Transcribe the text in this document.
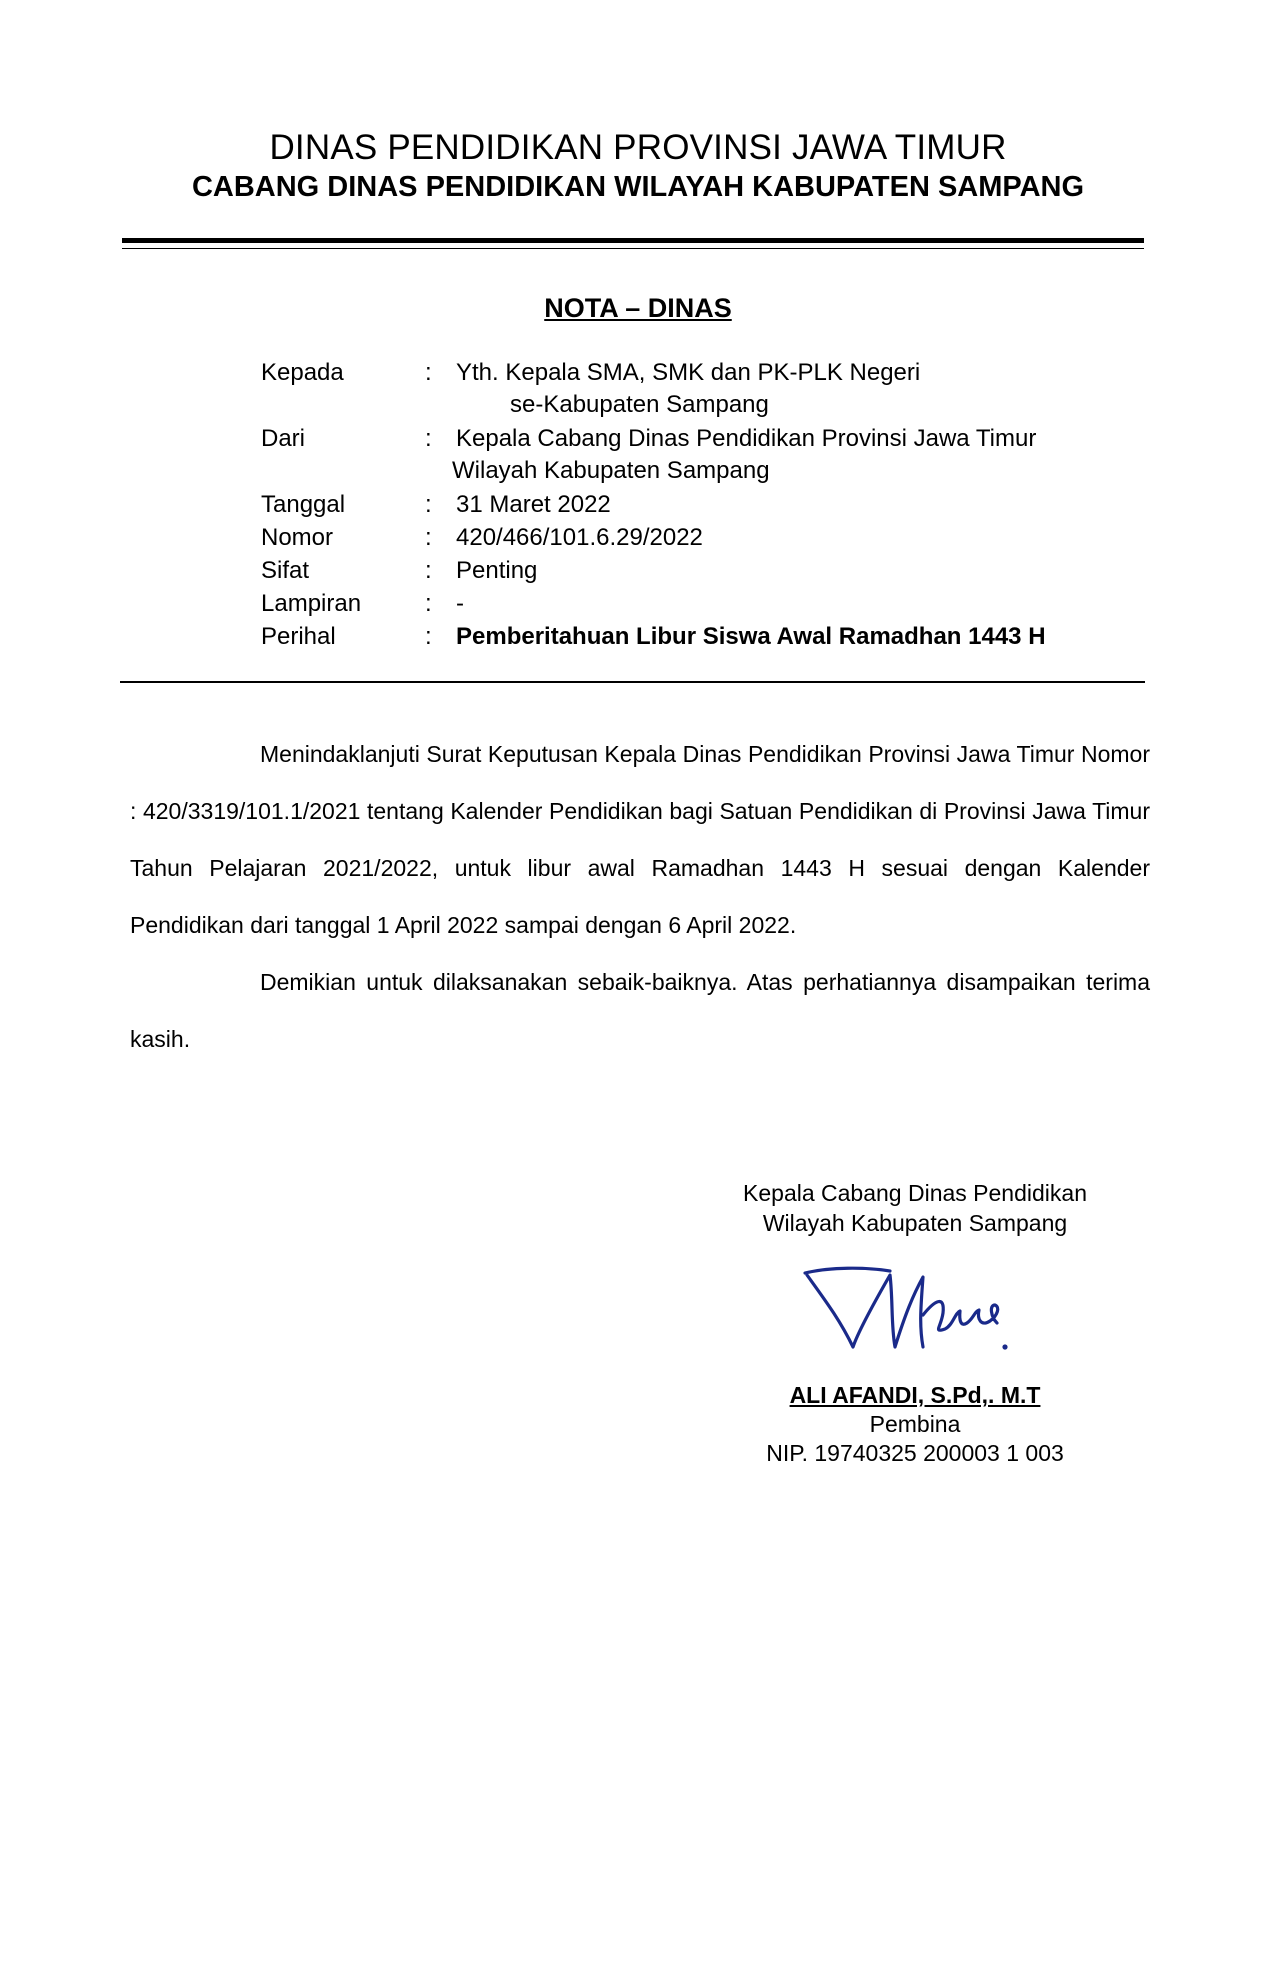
DINAS PENDIDIKAN PROVINSI JAWA TIMUR
CABANG DINAS PENDIDIKAN WILAYAH KABUPATEN SAMPANG
NOTA – DINAS
Kepada	: Yth. Kepala SMA, SMK dan PK-PLK Negeri
se-Kabupaten Sampang
Dari	: Kepala Cabang Dinas Pendidikan Provinsi Jawa Timur
Wilayah Kabupaten Sampang
Tanggal	: 31 Maret 2022
Nomor	: 420/466/101.6.29/2022
Sifat	: Penting
Lampiran	: -
Perihal	: Pemberitahuan Libur Siswa Awal Ramadhan 1443 H
Menindaklanjuti Surat Keputusan Kepala Dinas Pendidikan Provinsi Jawa Timur Nomor : 420/3319/101.1/2021 tentang Kalender Pendidikan bagi Satuan Pendidikan di Provinsi Jawa Timur Tahun Pelajaran 2021/2022, untuk libur awal Ramadhan 1443 H sesuai dengan Kalender Pendidikan dari tanggal 1 April 2022 sampai dengan 6 April 2022.
Demikian untuk dilaksanakan sebaik-baiknya. Atas perhatiannya disampaikan terima kasih.
Kepala Cabang Dinas Pendidikan
Wilayah Kabupaten Sampang
ALI AFANDI, S.Pd,. M.T
Pembina
NIP. 19740325 200003 1 003
